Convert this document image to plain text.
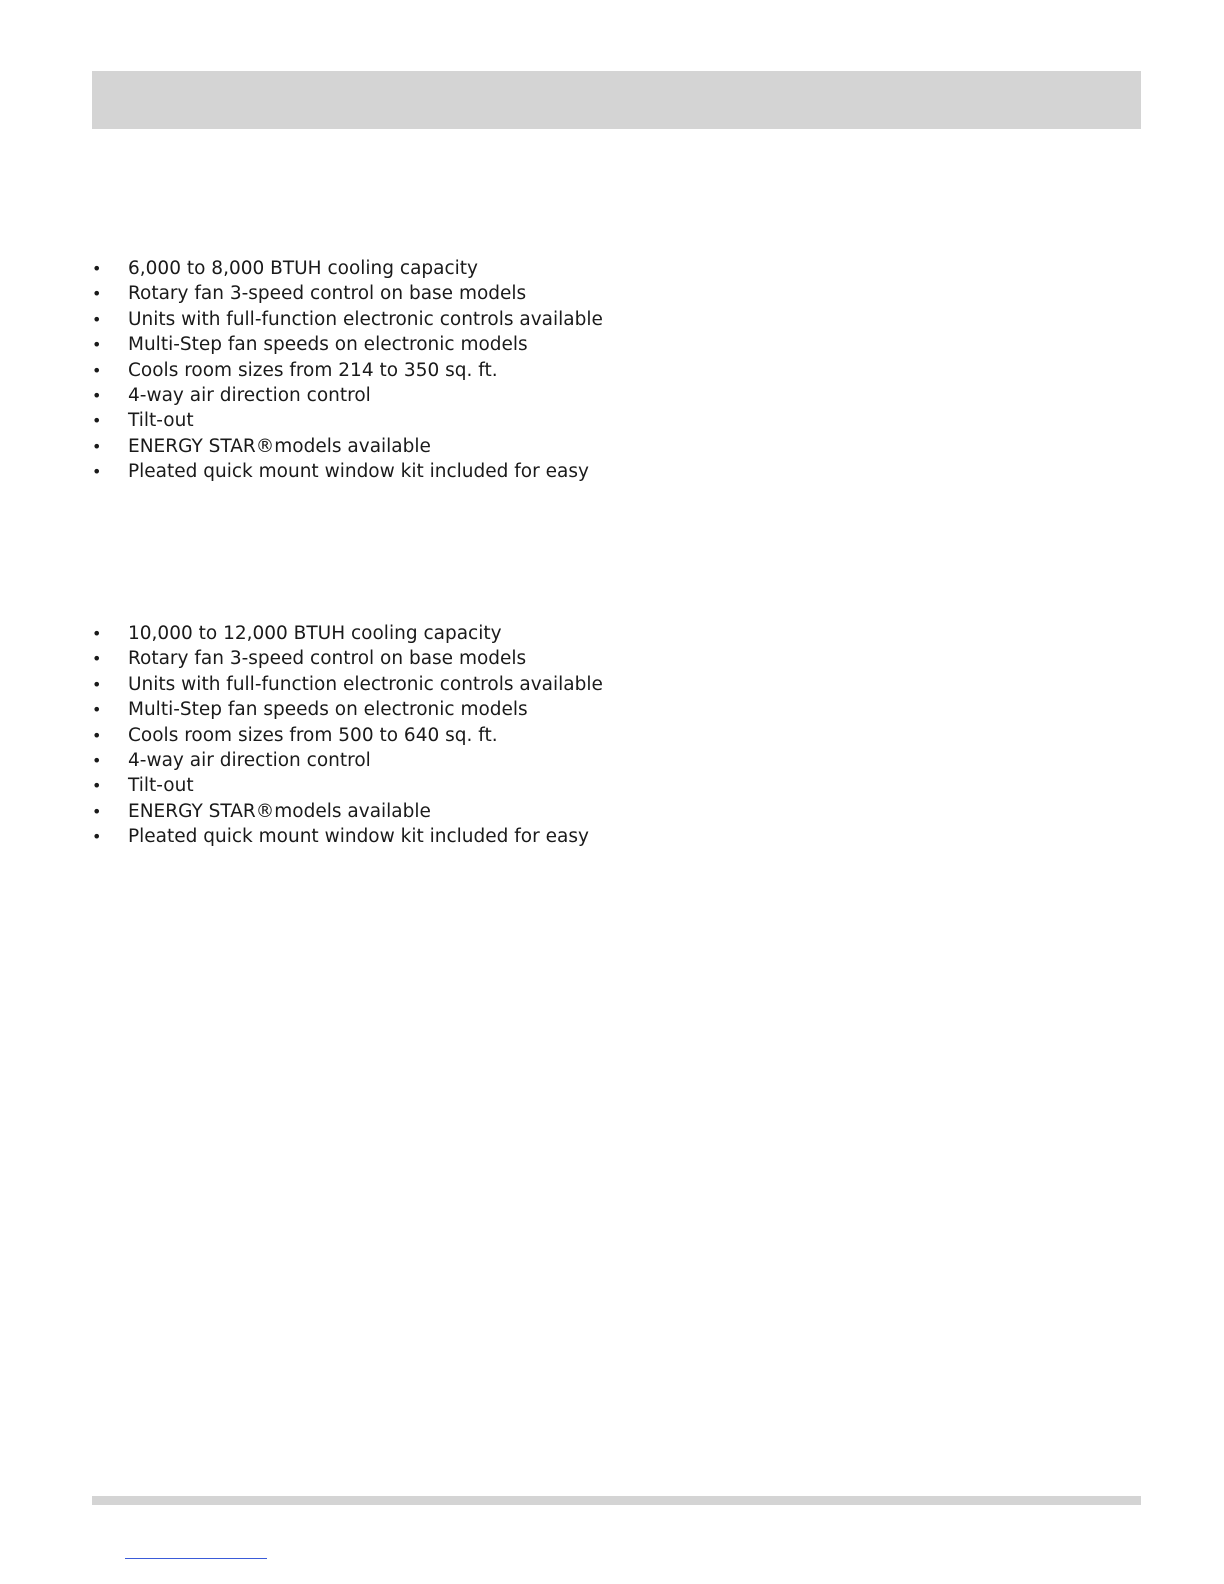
• 6,000 to 8,000 BTUH cooling capacity
• Rotary fan 3-speed control on base models
• Units with full-function electronic controls available
• Multi-Step fan speeds on electronic models
• Cools room sizes from 214 to 350 sq. ft.
• 4-way air direction control
• Tilt-out
• ENERGY STAR®models available
• Pleated quick mount window kit included for easy
• 10,000 to 12,000 BTUH cooling capacity
• Rotary fan 3-speed control on base models
• Units with full-function electronic controls available
• Multi-Step fan speeds on electronic models
• Cools room sizes from 500 to 640 sq. ft.
• 4-way air direction control
• Tilt-out
• ENERGY STAR®models available
• Pleated quick mount window kit included for easy
